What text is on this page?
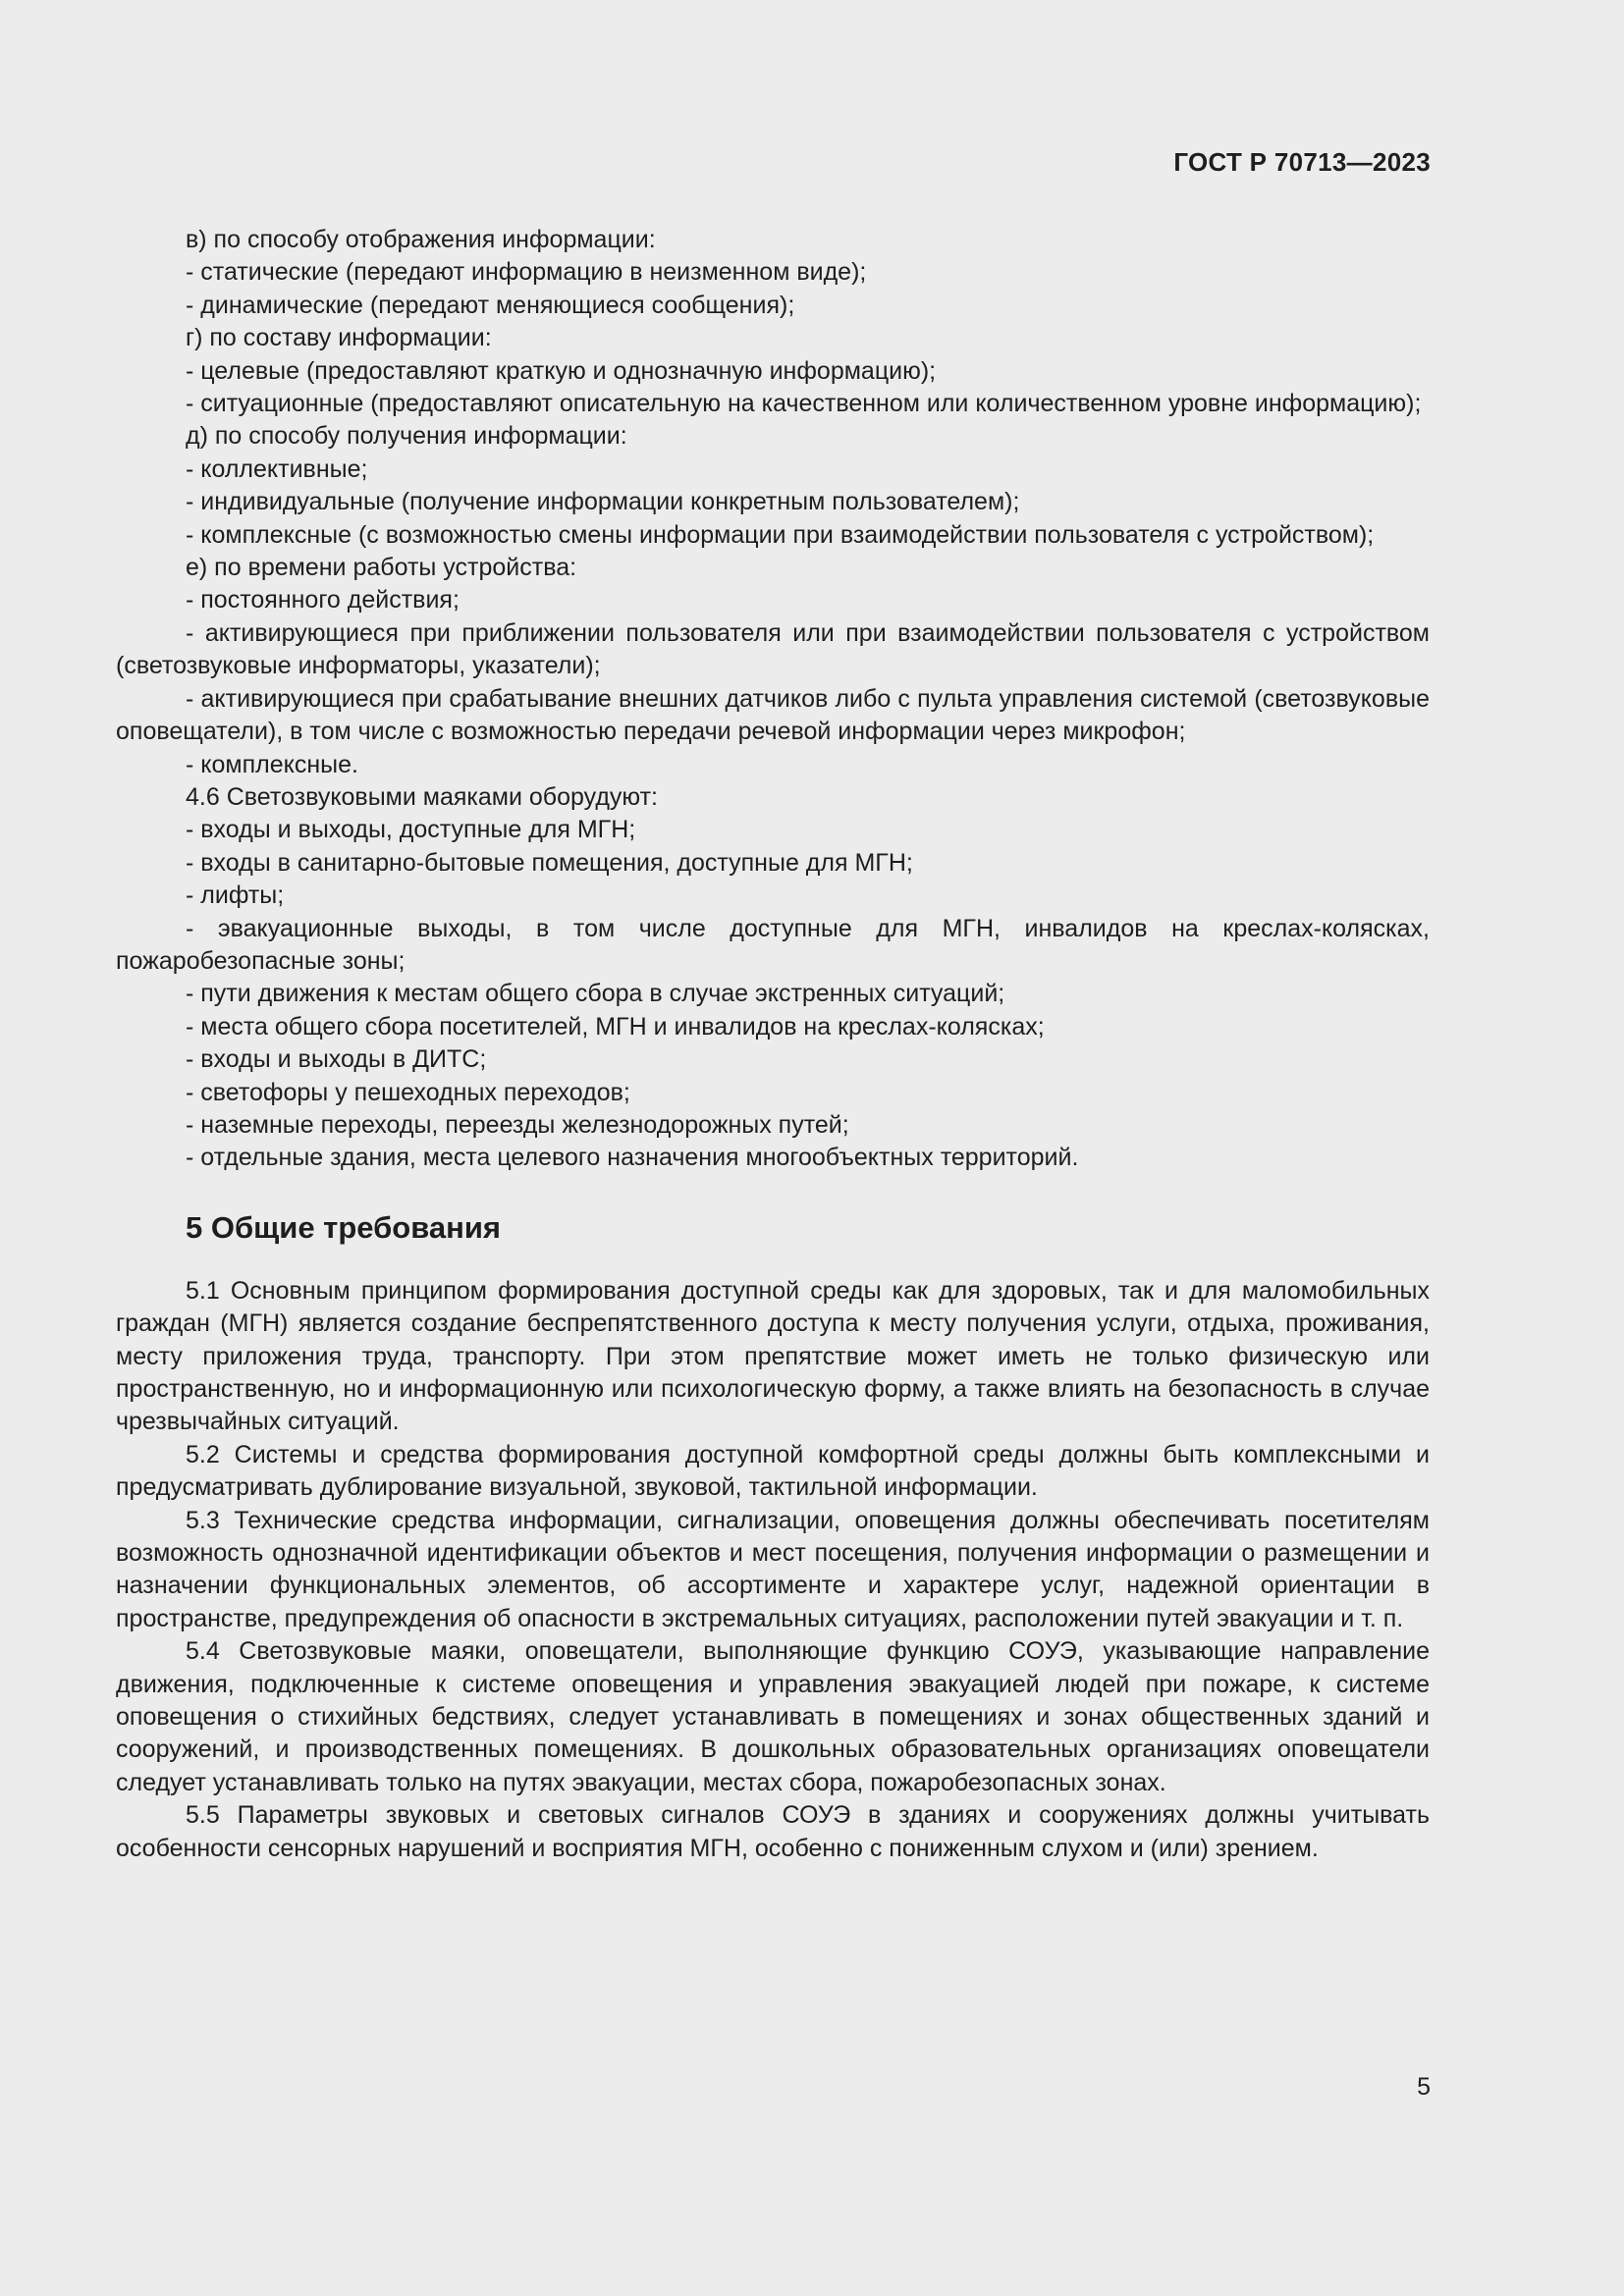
ГОСТ Р 70713—2023

в) по способу отображения информации:

- статические (передают информацию в неизменном виде);

- динамические (передают меняющиеся сообщения);

г) по составу информации:

- целевые (предоставляют краткую и однозначную информацию);

- ситуационные (предоставляют описательную на качественном или количественном уровне информацию);

д) по способу получения информации:

- коллективные;

- индивидуальные (получение информации конкретным пользователем);

- комплексные (с возможностью смены информации при взаимодействии пользователя с устройством);

е) по времени работы устройства:

- постоянного действия;

- активирующиеся при приближении пользователя или при взаимодействии пользователя с устройством (светозвуковые информаторы, указатели);

- активирующиеся при срабатывание внешних датчиков либо с пульта управления системой (светозвуковые оповещатели), в том числе с возможностью передачи речевой информации через микрофон;

- комплексные.

4.6 Светозвуковыми маяками оборудуют:

- входы и выходы, доступные для МГН;

- входы в санитарно-бытовые помещения, доступные для МГН;

- лифты;

- эвакуационные выходы, в том числе доступные для МГН, инвалидов на креслах-колясках, пожаробезопасные зоны;

- пути движения к местам общего сбора в случае экстренных ситуаций;

- места общего сбора посетителей, МГН и инвалидов на креслах-колясках;

- входы и выходы в ДИТС;

- светофоры у пешеходных переходов;

- наземные переходы, переезды железнодорожных путей;

- отдельные здания, места целевого назначения многообъектных территорий.

5 Общие требования

5.1 Основным принципом формирования доступной среды как для здоровых, так и для маломобильных граждан (МГН) является создание беспрепятственного доступа к месту получения услуги, отдыха, проживания, месту приложения труда, транспорту. При этом препятствие может иметь не только физическую или пространственную, но и информационную или психологическую форму, а также влиять на безопасность в случае чрезвычайных ситуаций.

5.2 Системы и средства формирования доступной комфортной среды должны быть комплексными и предусматривать дублирование визуальной, звуковой, тактильной информации.

5.3 Технические средства информации, сигнализации, оповещения должны обеспечивать посетителям возможность однозначной идентификации объектов и мест посещения, получения информации о размещении и назначении функциональных элементов, об ассортименте и характере услуг, надежной ориентации в пространстве, предупреждения об опасности в экстремальных ситуациях, расположении путей эвакуации и т. п.

5.4 Светозвуковые маяки, оповещатели, выполняющие функцию СОУЭ, указывающие направление движения, подключенные к системе оповещения и управления эвакуацией людей при пожаре, к системе оповещения о стихийных бедствиях, следует устанавливать в помещениях и зонах общественных зданий и сооружений, и производственных помещениях. В дошкольных образовательных организациях оповещатели следует устанавливать только на путях эвакуации, местах сбора, пожаробезопасных зонах.

5.5 Параметры звуковых и световых сигналов СОУЭ в зданиях и сооружениях должны учитывать особенности сенсорных нарушений и восприятия МГН, особенно с пониженным слухом и (или) зрением.

5
